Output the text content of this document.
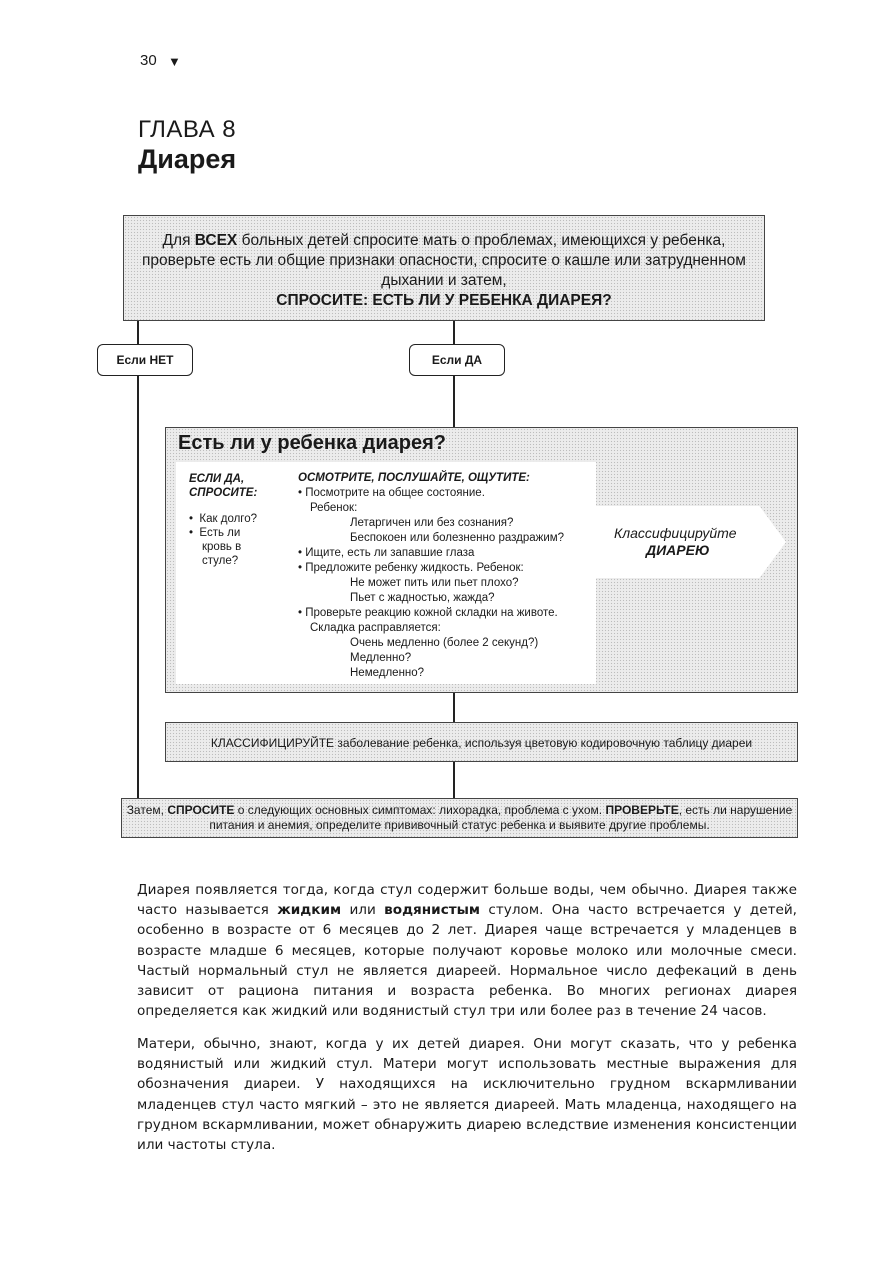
30 ▼
ГЛАВА 8
Диарея
Для ВСЕХ больных детей спросите мать о проблемах, имеющихся у ребенка, проверьте есть ли общие признаки опасности, спросите о кашле или затрудненном дыхании и затем,
СПРОСИТЕ: ЕСТЬ ЛИ У РЕБЕНКА ДИАРЕЯ?
Если НЕТ	Если ДА
Есть ли у ребенка диарея?
ЕСЛИ ДА,
СПРОСИТЕ:
•  Как долго?
•  Есть ли
кровь в
стуле?
ОСМОТРИТЕ, ПОСЛУШАЙТЕ, ОЩУТИТЕ:
• Посмотрите на общее состояние.
Ребенок:
Летаргичен или без сознания?
Беспокоен или болезненно раздражим?
• Ищите, есть ли запавшие глаза
• Предложите ребенку жидкость. Ребенок:
Не может пить или пьет плохо?
Пьет с жадностью, жажда?
• Проверьте реакцию кожной складки на животе.
Складка расправляется:
Очень медленно (более 2 секунд?)
Медленно?
Немедленно?
Классифицируйте
ДИАРЕЮ
КЛАССИФИЦИРУЙТЕ заболевание ребенка, используя цветовую кодировочную таблицу диареи
Затем, СПРОСИТЕ о следующих основных симптомах: лихорадка, проблема с ухом. ПРОВЕРЬТЕ, есть ли нарушение питания и анемия, определите прививочный статус ребенка и выявите другие проблемы.
Диарея появляется тогда, когда стул содержит больше воды, чем обычно. Диарея также часто называется жидким или водянистым стулом. Она часто встречается у детей, особенно в возрасте от 6 месяцев до 2 лет. Диарея чаще встречается у младенцев в возрасте младше 6 месяцев, которые получают коровье молоко или молочные смеси. Частый нормальный стул не является диареей. Нормальное число дефекаций в день зависит от рациона питания и возраста ребенка. Во многих регионах диарея определяется как жидкий или водянистый стул три или более раз в течение 24 часов.
Матери, обычно, знают, когда у их детей диарея. Они могут сказать, что у ребенка водянистый или жидкий стул. Матери могут использовать местные выражения для обозначения диареи. У находящихся на исключительно грудном вскармливании младенцев стул часто мягкий – это не является диареей. Мать младенца, находящего на грудном вскармливании, может обнаружить диарею вследствие изменения консистенции или частоты стула.
